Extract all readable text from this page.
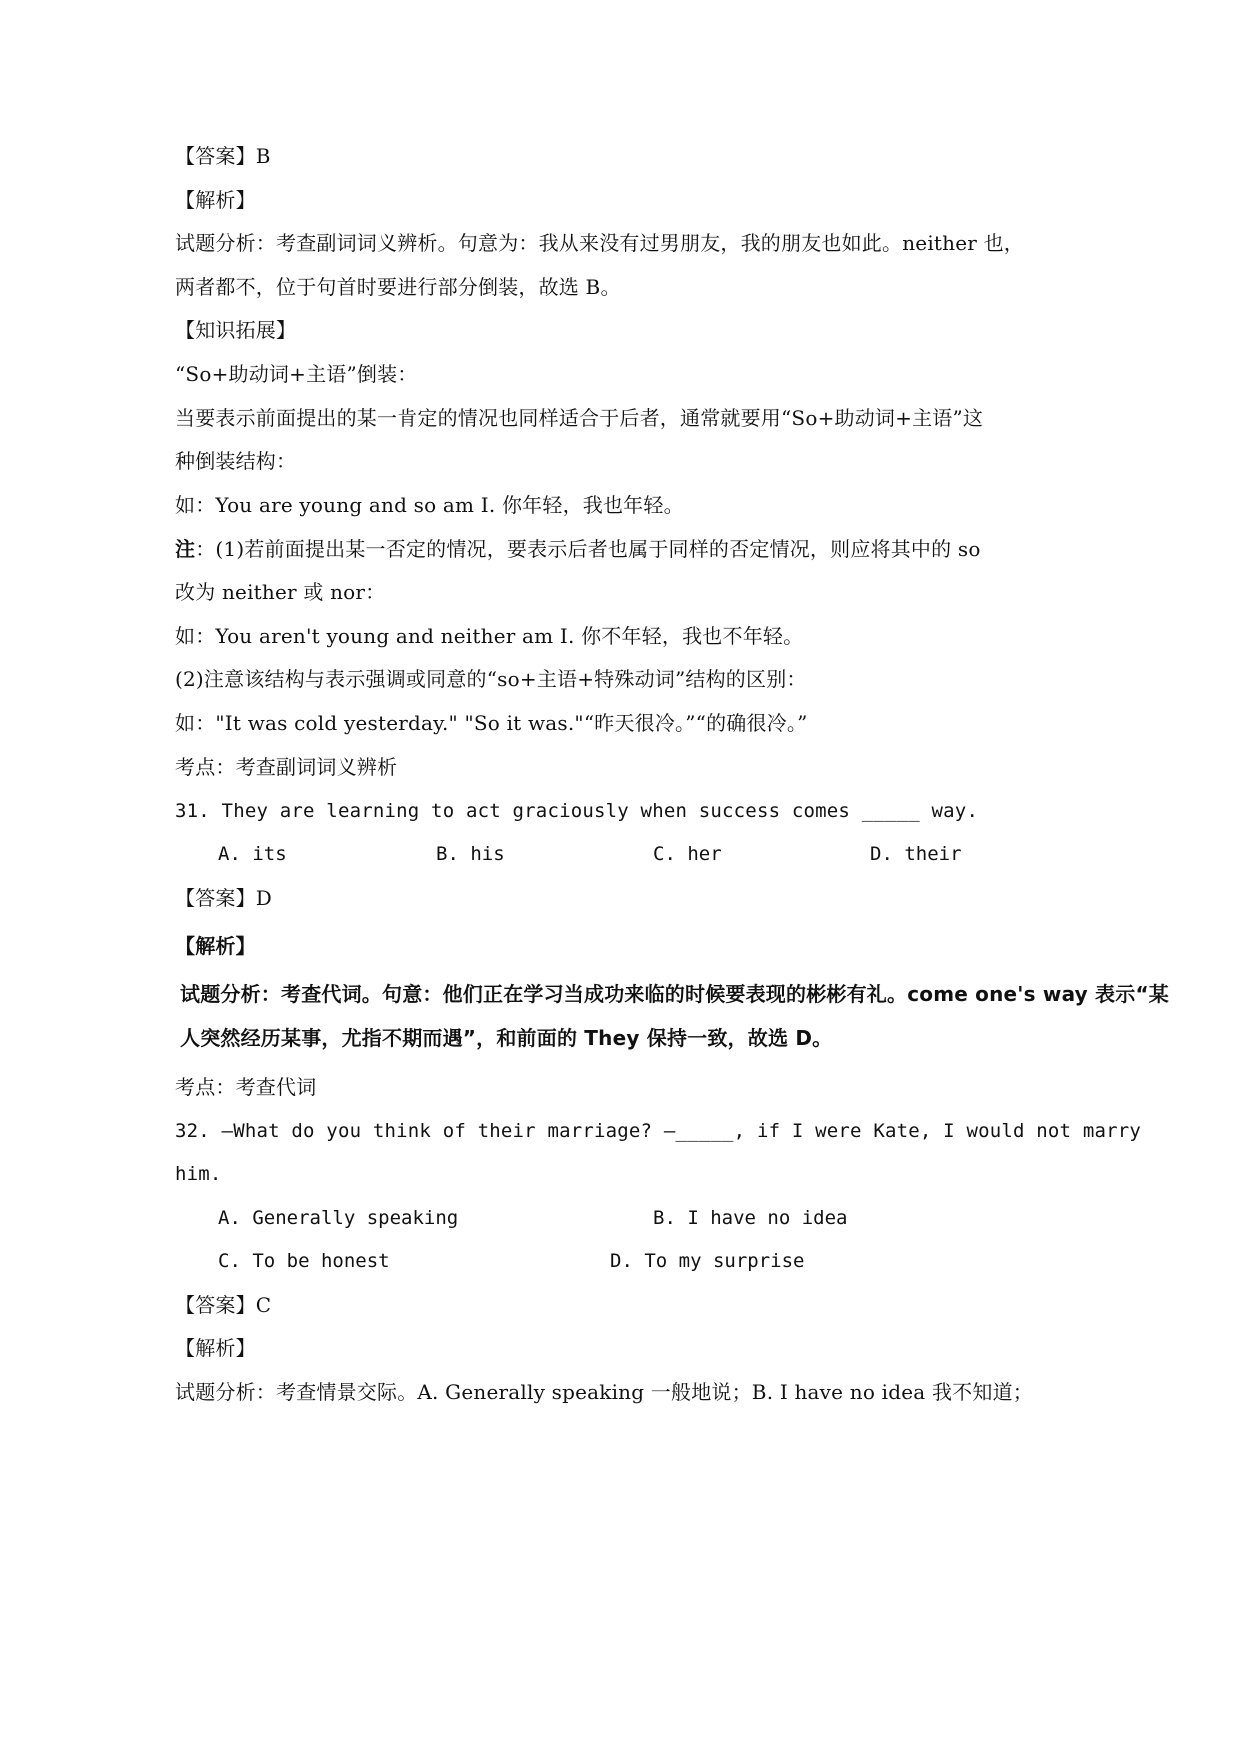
【答案】B

【解析】

试题分析：考查副词词义辨析。句意为：我从来没有过男朋友，我的朋友也如此。neither 也，

两者都不，位于句首时要进行部分倒装，故选 B。

【知识拓展】

“So+助动词+主语”倒装：

当要表示前面提出的某一肯定的情况也同样适合于后者，通常就要用“So+助动词+主语”这

种倒装结构：

如：You are young and so am I. 你年轻，我也年轻。

注：(1)若前面提出某一否定的情况，要表示后者也属于同样的否定情况，则应将其中的 so

改为 neither 或 nor：

如：You aren't young and neither am I. 你不年轻，我也不年轻。

(2)注意该结构与表示强调或同意的“so+主语+特殊动词”结构的区别：

如："It was cold yesterday." "So it was."“昨天很冷。”“的确很冷。”

考点：考查副词词义辨析

31. They are learning to act graciously when success comes _____ way.

A. its	B. his	C. her	D. their

【答案】D

【解析】

试题分析：考查代词。句意：他们正在学习当成功来临的时候要表现的彬彬有礼。come one's way 表示“某

人突然经历某事，尤指不期而遇”，和前面的 They 保持一致，故选 D。

考点：考查代词

32. —What do you think of their marriage? —_____, if I were Kate, I would not marry

him.

A. Generally speaking	B. I have no idea

C. To be honest	D. To my surprise

【答案】C

【解析】

试题分析：考查情景交际。A. Generally speaking 一般地说；B. I have no idea 我不知道；
